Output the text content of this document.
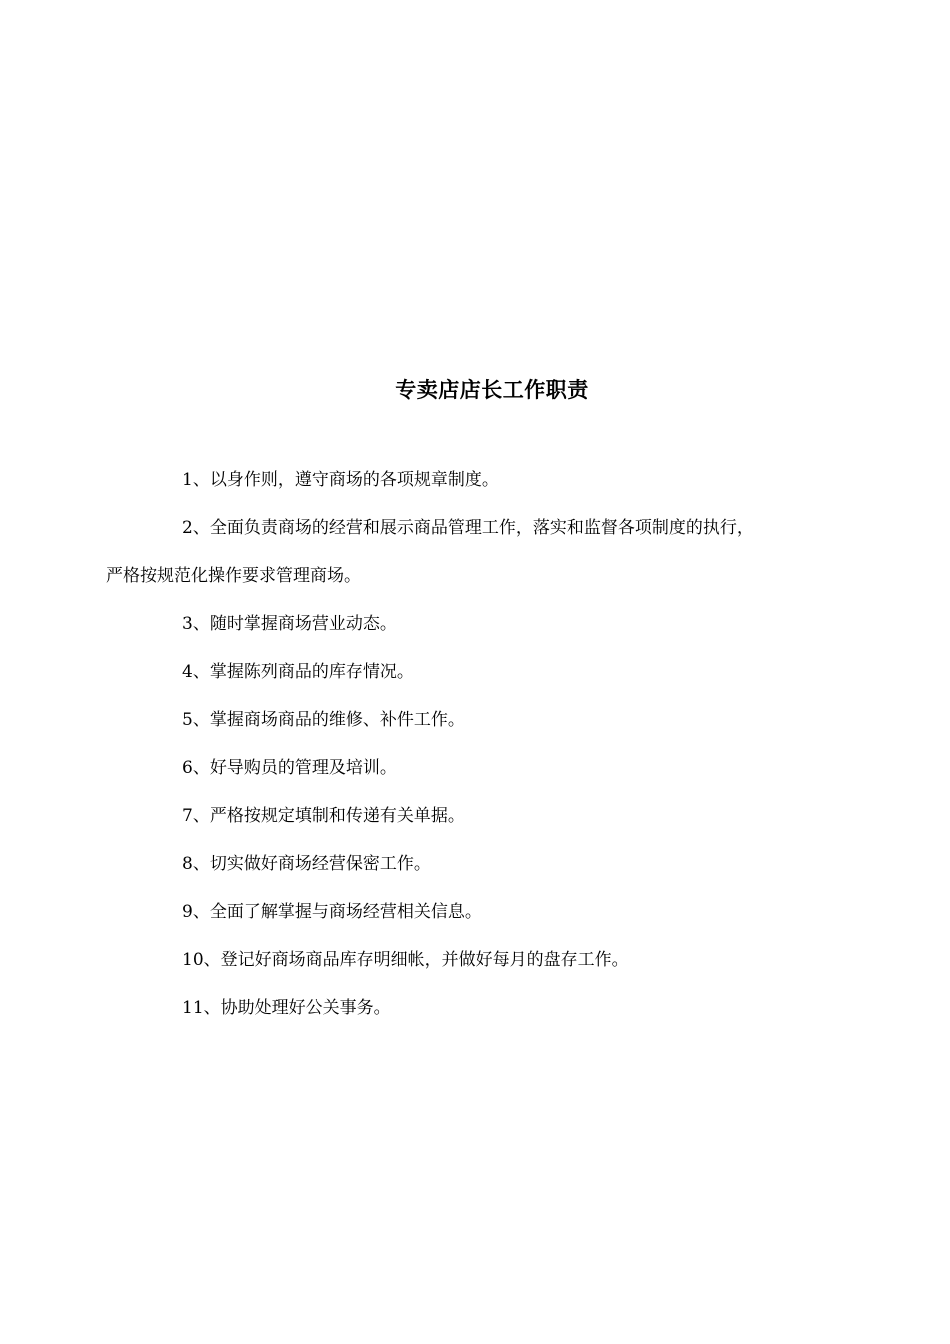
专卖店店长工作职责

1、以身作则，遵守商场的各项规章制度。

2、全面负责商场的经营和展示商品管理工作，落实和监督各项制度的执行，
严格按规范化操作要求管理商场。

3、随时掌握商场营业动态。

4、掌握陈列商品的库存情况。

5、掌握商场商品的维修、补件工作。

6、好导购员的管理及培训。

7、严格按规定填制和传递有关单据。

8、切实做好商场经营保密工作。

9、全面了解掌握与商场经营相关信息。

10、登记好商场商品库存明细帐，并做好每月的盘存工作。

11、协助处理好公关事务。
